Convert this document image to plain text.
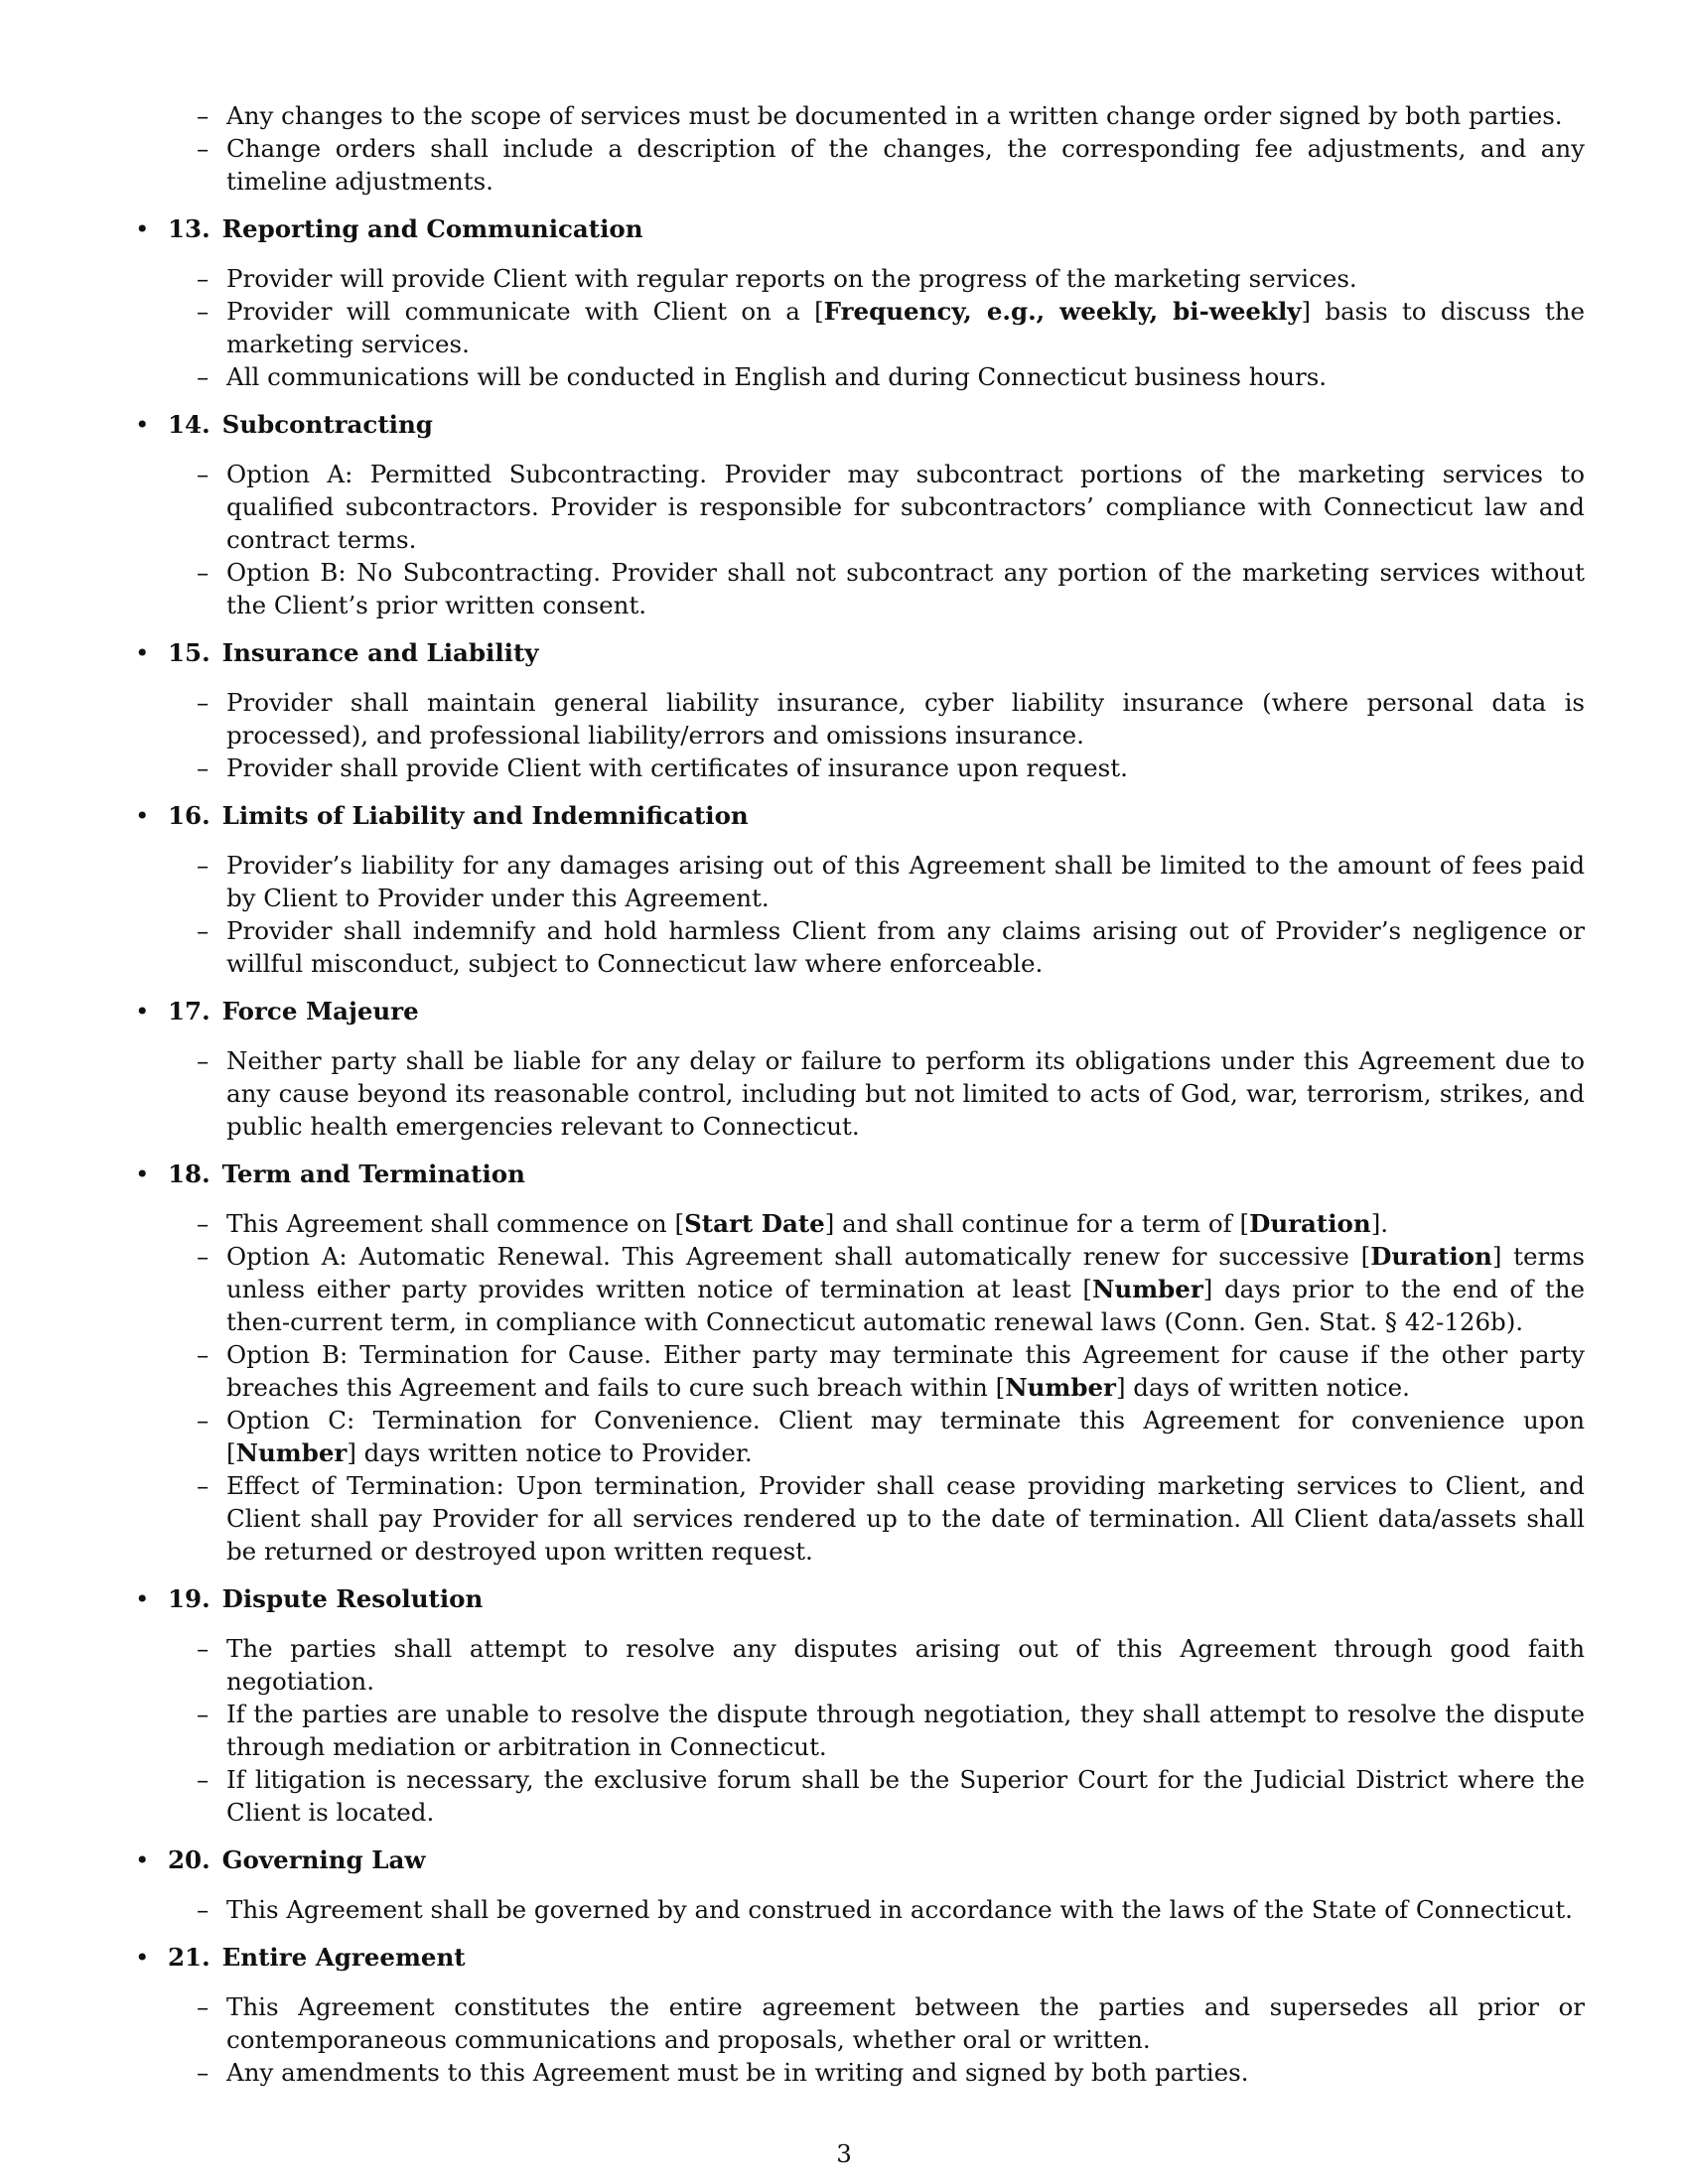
– Any changes to the scope of services must be documented in a written change order signed by both parties.
– Change orders shall include a description of the changes, the corresponding fee adjustments, and any timeline adjustments.
• 13. Reporting and Communication
– Provider will provide Client with regular reports on the progress of the marketing services.
– Provider will communicate with Client on a [Frequency, e.g., weekly, bi-weekly] basis to discuss the marketing services.
– All communications will be conducted in English and during Connecticut business hours.
• 14. Subcontracting
– Option A: Permitted Subcontracting. Provider may subcontract portions of the marketing services to qualified subcontractors. Provider is responsible for subcontractors’ compliance with Connecticut law and contract terms.
– Option B: No Subcontracting. Provider shall not subcontract any portion of the marketing services without the Client’s prior written consent.
• 15. Insurance and Liability
– Provider shall maintain general liability insurance, cyber liability insurance (where personal data is processed), and professional liability/errors and omissions insurance.
– Provider shall provide Client with certificates of insurance upon request.
• 16. Limits of Liability and Indemnification
– Provider’s liability for any damages arising out of this Agreement shall be limited to the amount of fees paid by Client to Provider under this Agreement.
– Provider shall indemnify and hold harmless Client from any claims arising out of Provider’s negligence or willful misconduct, subject to Connecticut law where enforceable.
• 17. Force Majeure
– Neither party shall be liable for any delay or failure to perform its obligations under this Agreement due to any cause beyond its reasonable control, including but not limited to acts of God, war, terrorism, strikes, and public health emergencies relevant to Connecticut.
• 18. Term and Termination
– This Agreement shall commence on [Start Date] and shall continue for a term of [Duration].
– Option A: Automatic Renewal. This Agreement shall automatically renew for successive [Duration] terms unless either party provides written notice of termination at least [Number] days prior to the end of the then-current term, in compliance with Connecticut automatic renewal laws (Conn. Gen. Stat. § 42-126b).
– Option B: Termination for Cause. Either party may terminate this Agreement for cause if the other party breaches this Agreement and fails to cure such breach within [Number] days of written notice.
– Option C: Termination for Convenience. Client may terminate this Agreement for convenience upon [Number] days written notice to Provider.
– Effect of Termination: Upon termination, Provider shall cease providing marketing services to Client, and Client shall pay Provider for all services rendered up to the date of termination. All Client data/assets shall be returned or destroyed upon written request.
• 19. Dispute Resolution
– The parties shall attempt to resolve any disputes arising out of this Agreement through good faith negotiation.
– If the parties are unable to resolve the dispute through negotiation, they shall attempt to resolve the dispute through mediation or arbitration in Connecticut.
– If litigation is necessary, the exclusive forum shall be the Superior Court for the Judicial District where the Client is located.
• 20. Governing Law
– This Agreement shall be governed by and construed in accordance with the laws of the State of Connecticut.
• 21. Entire Agreement
– This Agreement constitutes the entire agreement between the parties and supersedes all prior or contemporaneous communications and proposals, whether oral or written.
– Any amendments to this Agreement must be in writing and signed by both parties.
3
